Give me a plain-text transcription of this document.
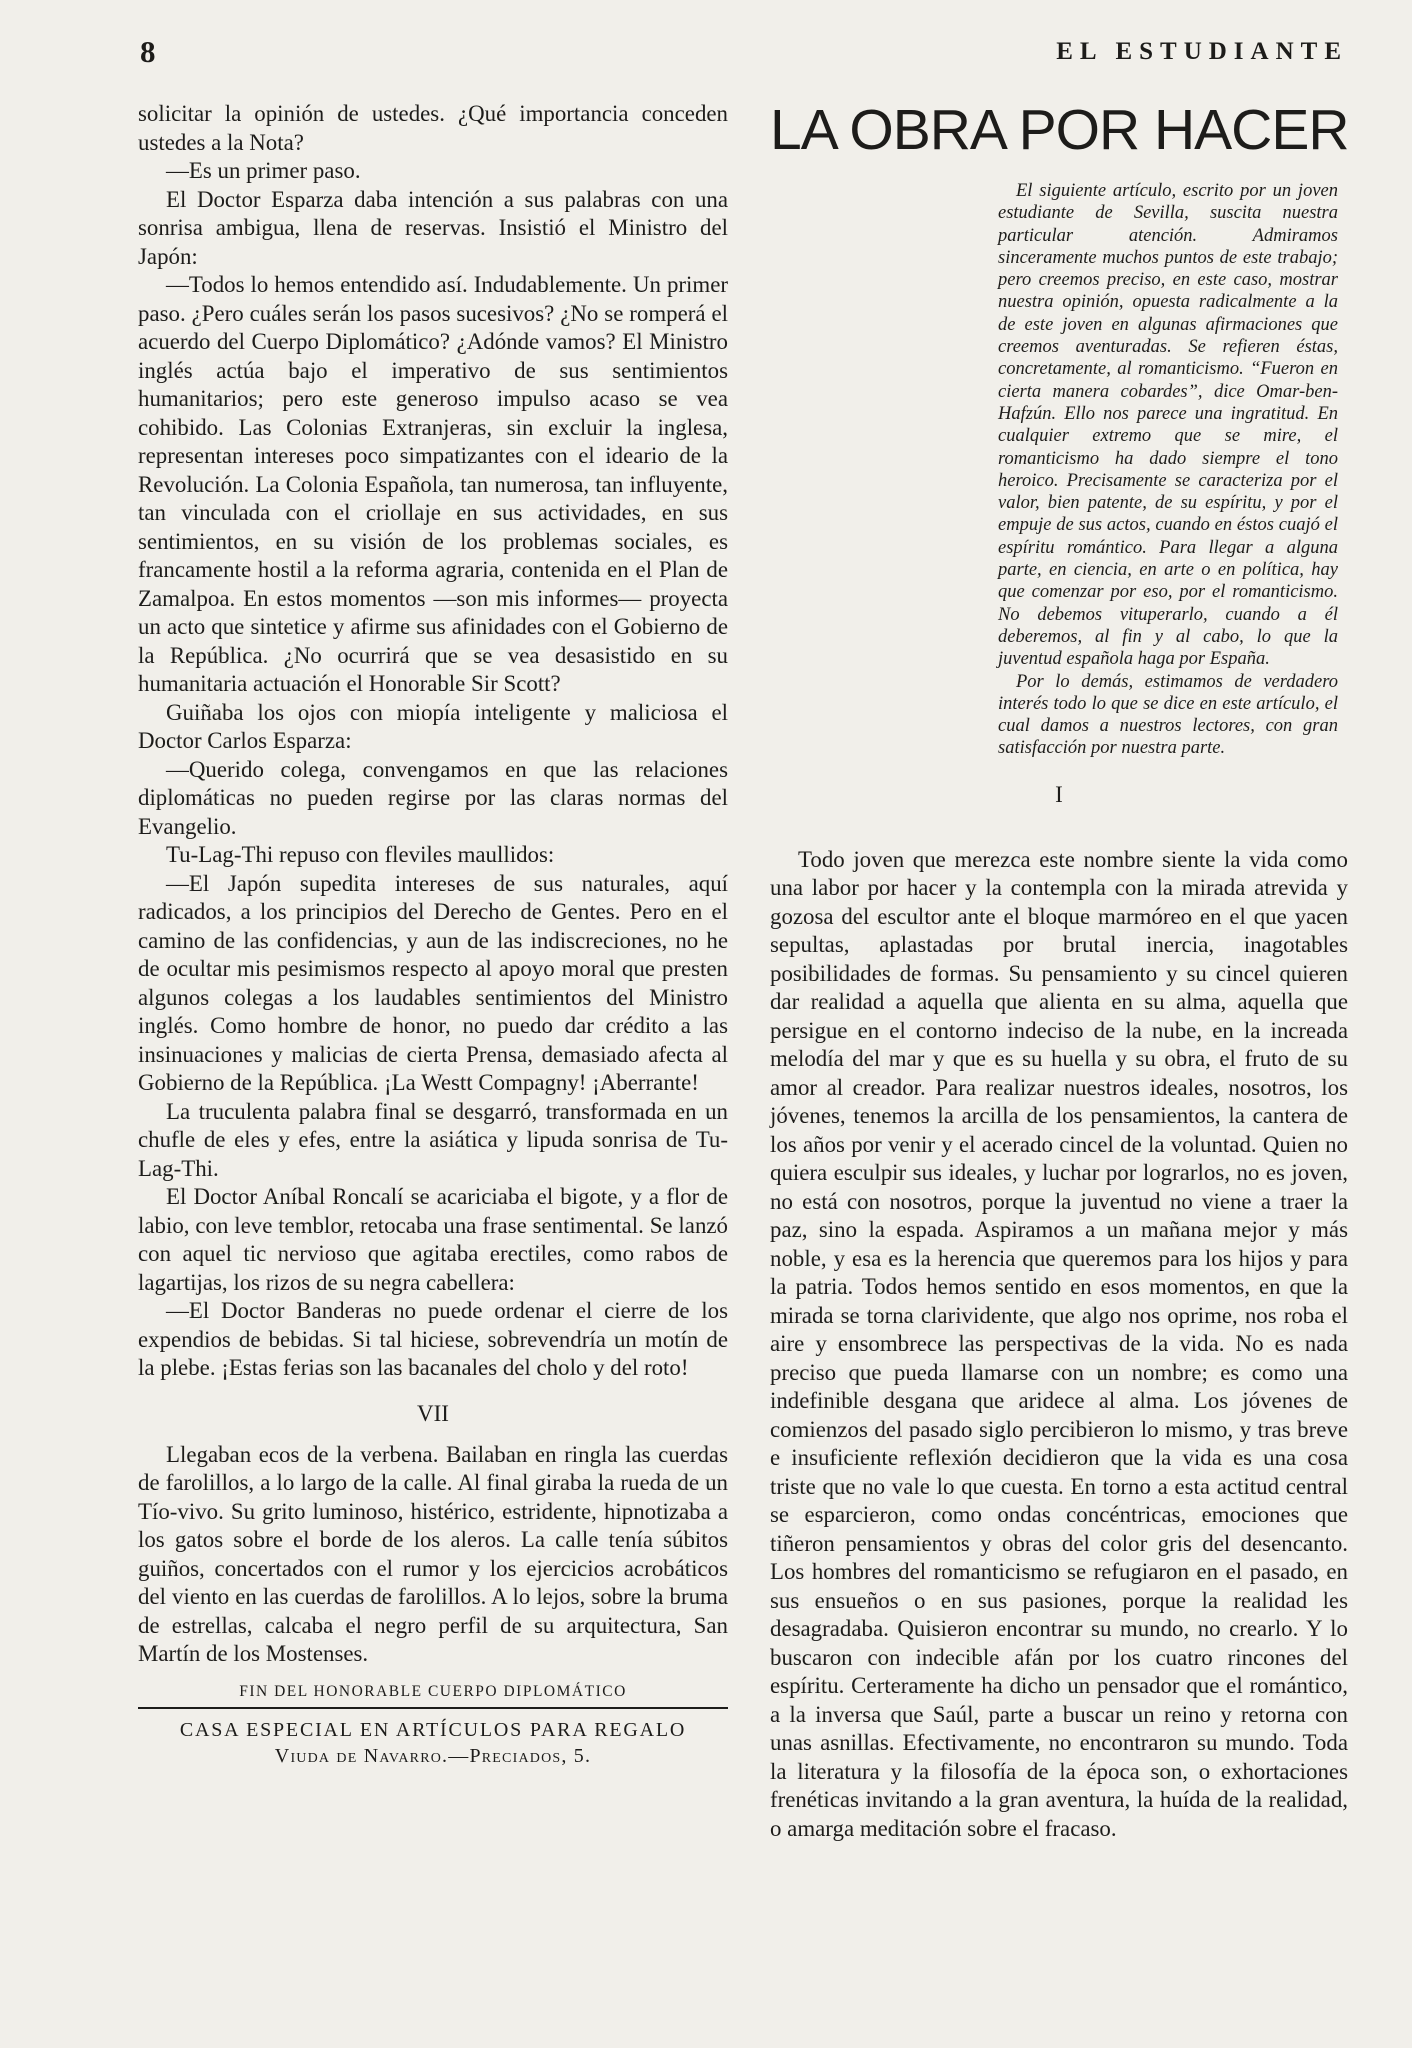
8	EL ESTUDIANTE

solicitar la opinión de ustedes. ¿Qué importancia conceden ustedes a la Nota?

—Es un primer paso.

El Doctor Esparza daba intención a sus palabras con una sonrisa ambigua, llena de reservas. Insistió el Ministro del Japón:

—Todos lo hemos entendido así. Indudablemente. Un primer paso. ¿Pero cuáles serán los pasos sucesivos? ¿No se romperá el acuerdo del Cuerpo Diplomático? ¿Adónde vamos? El Ministro inglés actúa bajo el imperativo de sus sentimientos humanitarios; pero este generoso impulso acaso se vea cohibido. Las Colonias Extranjeras, sin excluir la inglesa, representan intereses poco simpatizantes con el ideario de la Revolución. La Colonia Española, tan numerosa, tan influyente, tan vinculada con el criollaje en sus actividades, en sus sentimientos, en su visión de los problemas sociales, es francamente hostil a la reforma agraria, contenida en el Plan de Zamalpoa. En estos momentos —son mis informes— proyecta un acto que sintetice y afirme sus afinidades con el Gobierno de la República. ¿No ocurrirá que se vea desasistido en su humanitaria actuación el Honorable Sir Scott?

Guiñaba los ojos con miopía inteligente y maliciosa el Doctor Carlos Esparza:

—Querido colega, convengamos en que las relaciones diplomáticas no pueden regirse por las claras normas del Evangelio.

Tu-Lag-Thi repuso con fleviles maullidos:

—El Japón supedita intereses de sus naturales, aquí radicados, a los principios del Derecho de Gentes. Pero en el camino de las confidencias, y aun de las indiscreciones, no he de ocultar mis pesimismos respecto al apoyo moral que presten algunos colegas a los laudables sentimientos del Ministro inglés. Como hombre de honor, no puedo dar crédito a las insinuaciones y malicias de cierta Prensa, demasiado afecta al Gobierno de la República. ¡La Westt Compagny! ¡Aberrante!

La truculenta palabra final se desgarró, transformada en un chufle de eles y efes, entre la asiática y lipuda sonrisa de Tu-Lag-Thi.

El Doctor Aníbal Roncalí se acariciaba el bigote, y a flor de labio, con leve temblor, retocaba una frase sentimental. Se lanzó con aquel tic nervioso que agitaba erectiles, como rabos de lagartijas, los rizos de su negra cabellera:

—El Doctor Banderas no puede ordenar el cierre de los expendios de bebidas. Si tal hiciese, sobrevendría un motín de la plebe. ¡Estas ferias son las bacanales del cholo y del roto!

VII

Llegaban ecos de la verbena. Bailaban en ringla las cuerdas de farolillos, a lo largo de la calle. Al final giraba la rueda de un Tío-vivo. Su grito luminoso, histérico, estridente, hipnotizaba a los gatos sobre el borde de los aleros. La calle tenía súbitos guiños, concertados con el rumor y los ejercicios acrobáticos del viento en las cuerdas de farolillos. A lo lejos, sobre la bruma de estrellas, calcaba el negro perfil de su arquitectura, San Martín de los Mostenses.

FIN DEL HONORABLE CUERPO DIPLOMÁTICO
CASA ESPECIAL EN ARTÍCULOS PARA REGALO
Viuda de Navarro.—Preciados, 5.
LA OBRA POR HACER

El siguiente artículo, escrito por un joven estudiante de Sevilla, suscita nuestra particular atención. Admiramos sinceramente muchos puntos de este trabajo; pero creemos preciso, en este caso, mostrar nuestra opinión, opuesta radicalmente a la de este joven en algunas afirmaciones que creemos aventuradas. Se refieren éstas, concretamente, al romanticismo. “Fueron en cierta manera cobardes”, dice Omar-ben-Hafzún. Ello nos parece una ingratitud. En cualquier extremo que se mire, el romanticismo ha dado siempre el tono heroico. Precisamente se caracteriza por el valor, bien patente, de su espíritu, y por el empuje de sus actos, cuando en éstos cuajó el espíritu romántico. Para llegar a alguna parte, en ciencia, en arte o en política, hay que comenzar por eso, por el romanticismo. No debemos vituperarlo, cuando a él deberemos, al fin y al cabo, lo que la juventud española haga por España.

Por lo demás, estimamos de verdadero interés todo lo que se dice en este artículo, el cual damos a nuestros lectores, con gran satisfacción por nuestra parte.

I

Todo joven que merezca este nombre siente la vida como una labor por hacer y la contempla con la mirada atrevida y gozosa del escultor ante el bloque marmóreo en el que yacen sepultas, aplastadas por brutal inercia, inagotables posibilidades de formas. Su pensamiento y su cincel quieren dar realidad a aquella que alienta en su alma, aquella que persigue en el contorno indeciso de la nube, en la increada melodía del mar y que es su huella y su obra, el fruto de su amor al creador. Para realizar nuestros ideales, nosotros, los jóvenes, tenemos la arcilla de los pensamientos, la cantera de los años por venir y el acerado cincel de la voluntad. Quien no quiera esculpir sus ideales, y luchar por lograrlos, no es joven, no está con nosotros, porque la juventud no viene a traer la paz, sino la espada. Aspiramos a un mañana mejor y más noble, y esa es la herencia que queremos para los hijos y para la patria. Todos hemos sentido en esos momentos, en que la mirada se torna clarividente, que algo nos oprime, nos roba el aire y ensombrece las perspectivas de la vida. No es nada preciso que pueda llamarse con un nombre; es como una indefinible desgana que aridece al alma. Los jóvenes de comienzos del pasado siglo percibieron lo mismo, y tras breve e insuficiente reflexión decidieron que la vida es una cosa triste que no vale lo que cuesta. En torno a esta actitud central se esparcieron, como ondas concéntricas, emociones que tiñeron pensamientos y obras del color gris del desencanto. Los hombres del romanticismo se refugiaron en el pasado, en sus ensueños o en sus pasiones, porque la realidad les desagradaba. Quisieron encontrar su mundo, no crearlo. Y lo buscaron con indecible afán por los cuatro rincones del espíritu. Certeramente ha dicho un pensador que el romántico, a la inversa que Saúl, parte a buscar un reino y retorna con unas asnillas. Efectivamente, no encontraron su mundo. Toda la literatura y la filosofía de la época son, o exhortaciones frenéticas invitando a la gran aventura, la huída de la realidad, o amarga meditación sobre el fracaso.
